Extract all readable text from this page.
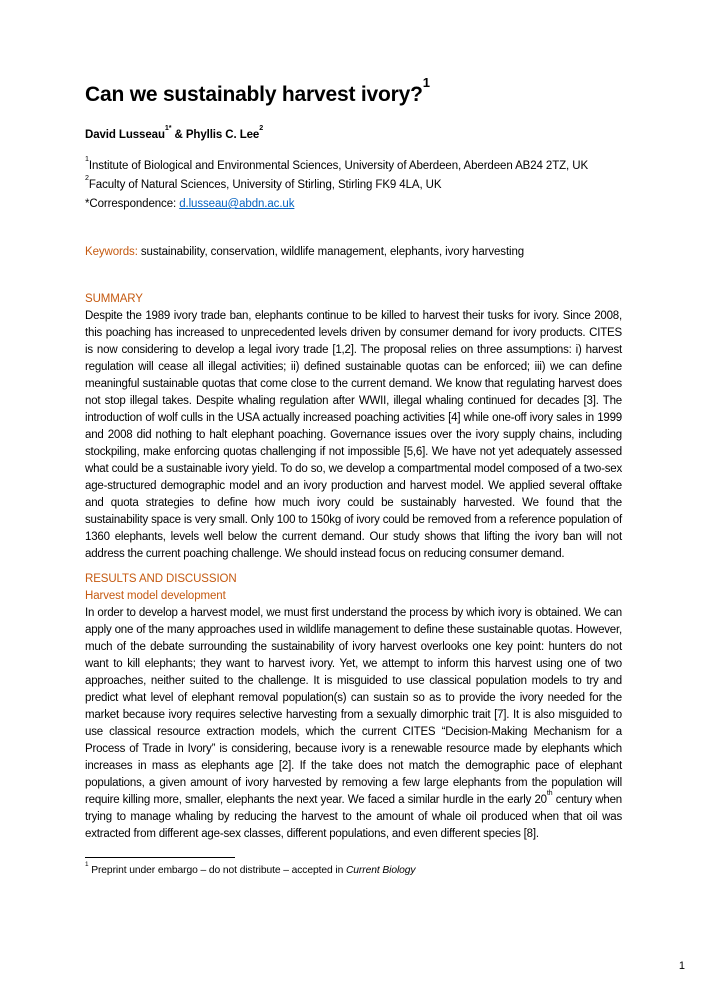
Can we sustainably harvest ivory?$^1$

David Lusseau$^{1*}$ & Phyllis C. Lee$^2$

$^1$Institute of Biological and Environmental Sciences, University of Aberdeen, Aberdeen AB24 2TZ, UK

$^2$Faculty of Natural Sciences, University of Stirling, Stirling FK9 4LA, UK

*Correspondence: d.lusseau@abdn.ac.uk

Keywords: sustainability, conservation, wildlife management, elephants, ivory harvesting

SUMMARY

Despite the 1989 ivory trade ban, elephants continue to be killed to harvest their tusks for ivory. Since 2008, this poaching has increased to unprecedented levels driven by consumer demand for ivory products. CITES is now considering to develop a legal ivory trade [1,2]. The proposal relies on three assumptions: i) harvest regulation will cease all illegal activities; ii) defined sustainable quotas can be enforced; iii) we can define meaningful sustainable quotas that come close to the current demand. We know that regulating harvest does not stop illegal takes. Despite whaling regulation after WWII, illegal whaling continued for decades [3]. The introduction of wolf culls in the USA actually increased poaching activities [4] while one-off ivory sales in 1999 and 2008 did nothing to halt elephant poaching. Governance issues over the ivory supply chains, including stockpiling, make enforcing quotas challenging if not impossible [5,6]. We have not yet adequately assessed what could be a sustainable ivory yield. To do so, we develop a compartmental model composed of a two-sex age-structured demographic model and an ivory production and harvest model. We applied several offtake and quota strategies to define how much ivory could be sustainably harvested. We found that the sustainability space is very small. Only 100 to 150kg of ivory could be removed from a reference population of 1360 elephants, levels well below the current demand. Our study shows that lifting the ivory ban will not address the current poaching challenge. We should instead focus on reducing consumer demand.

RESULTS AND DISCUSSION
Harvest model development

In order to develop a harvest model, we must first understand the process by which ivory is obtained. We can apply one of the many approaches used in wildlife management to define these sustainable quotas. However, much of the debate surrounding the sustainability of ivory harvest overlooks one key point: hunters do not want to kill elephants; they want to harvest ivory. Yet, we attempt to inform this harvest using one of two approaches, neither suited to the challenge. It is misguided to use classical population models to try and predict what level of elephant removal population(s) can sustain so as to provide the ivory needed for the market because ivory requires selective harvesting from a sexually dimorphic trait [7]. It is also misguided to use classical resource extraction models, which the current CITES “Decision-Making Mechanism for a Process of Trade in Ivory” is considering, because ivory is a renewable resource made by elephants which increases in mass as elephants age [2]. If the take does not match the demographic pace of elephant populations, a given amount of ivory harvested by removing a few large elephants from the population will require killing more, smaller, elephants the next year. We faced a similar hurdle in the early 20th century when trying to manage whaling by reducing the harvest to the amount of whale oil produced when that oil was extracted from different age-sex classes, different populations, and even different species [8].

$^1$ Preprint under embargo – do not distribute – accepted in Current Biology

1
